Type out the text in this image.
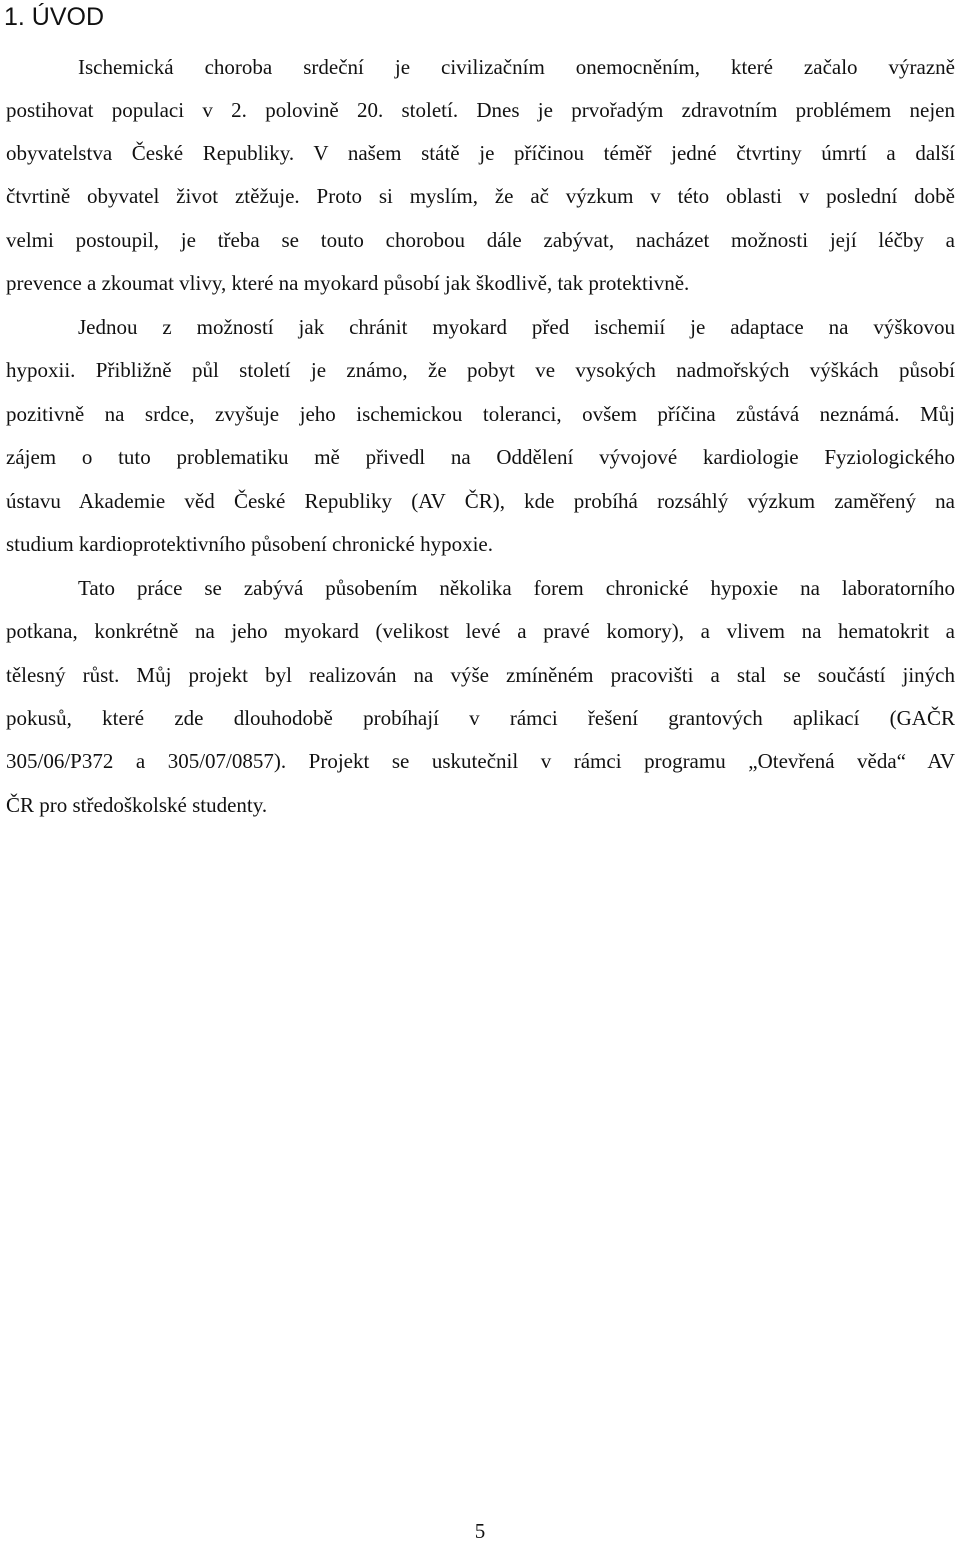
1. ÚVOD
Ischemická choroba srdeční je civilizačním onemocněním, které začalo výrazně
postihovat populaci v 2. polovině 20. století. Dnes je prvořadým zdravotním problémem nejen
obyvatelstva České Republiky. V našem státě je příčinou téměř jedné čtvrtiny úmrtí a další
čtvrtině obyvatel život ztěžuje. Proto si myslím, že ač výzkum v této oblasti v poslední době
velmi postoupil, je třeba se touto chorobou dále zabývat, nacházet možnosti její léčby a
prevence a zkoumat vlivy, které na myokard působí jak škodlivě, tak protektivně.
Jednou z možností jak chránit myokard před ischemií je adaptace na výškovou
hypoxii. Přibližně půl století je známo, že pobyt ve vysokých nadmořských výškách působí
pozitivně na srdce, zvyšuje jeho ischemickou toleranci, ovšem příčina zůstává neznámá. Můj
zájem o tuto problematiku mě přivedl na Oddělení vývojové kardiologie Fyziologického
ústavu Akademie věd České Republiky (AV ČR), kde probíhá rozsáhlý výzkum zaměřený na
studium kardioprotektivního působení chronické hypoxie.
Tato práce se zabývá působením několika forem chronické hypoxie na laboratorního
potkana, konkrétně na jeho myokard (velikost levé a pravé komory), a vlivem na hematokrit a
tělesný růst. Můj projekt byl realizován na výše zmíněném pracovišti a stal se součástí jiných
pokusů, které zde dlouhodobě probíhají v rámci řešení grantových aplikací (GAČR
305/06/P372 a 305/07/0857). Projekt se uskutečnil v rámci programu „Otevřená věda“ AV
ČR pro středoškolské studenty.
5
